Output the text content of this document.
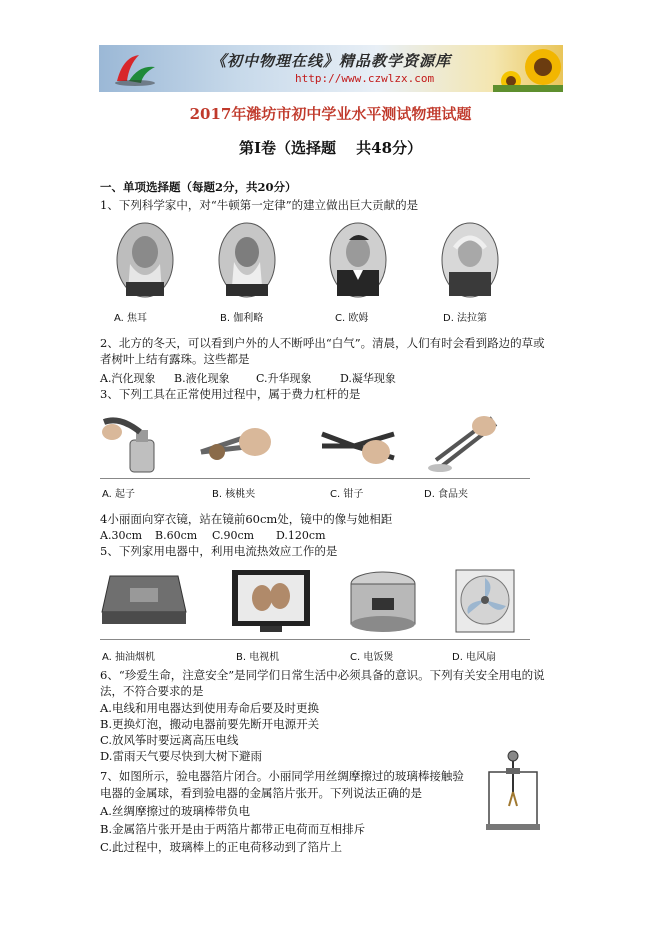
《初中物理在线》精品教学资源库
http://www.czwlzx.com
2017年潍坊市初中学业水平测试物理试题
第Ⅰ卷（选择题　 共48分）
一、单项选择题（每题2分，共20分）
1、下列科学家中，对“牛顿第一定律”的建立做出巨大贡献的是
A. 焦耳	B. 伽利略	C. 欧姆	D. 法拉第
2、北方的冬天，可以看到户外的人不断呼出“白气”。清晨，人们有时会看到路边的草或
者树叶上结有露珠。这些都是
A.汽化现象 B.液化现象 C.升华现象	D.凝华现象
3、下列工具在正常使用过程中，属于费力杠杆的是
A. 起子	B. 核桃夹	C. 钳子	D. 食品夹
4小丽面向穿衣镜，站在镜前60cm处，镜中的像与她相距
A.30cm B.60cm C.90cm D.120cm
5、下列家用电器中，利用电流热效应工作的是
A. 抽油烟机	B. 电视机	C. 电饭煲	D. 电风扇
6、“珍爱生命，注意安全”是同学们日常生活中必须具备的意识。下列有关安全用电的说
法，不符合要求的是
A.电线和用电器达到使用寿命后要及时更换
B.更换灯泡，搬动电器前要先断开电源开关
C.放风筝时要远离高压电线
D.雷雨天气要尽快到大树下避雨
7、如图所示，验电器箔片闭合。小丽同学用丝绸摩擦过的玻璃棒接触验
电器的金属球，看到验电器的金属箔片张开。下列说法正确的是
A.丝绸摩擦过的玻璃棒带负电
B.金属箔片张开是由于两箔片都带正电荷而互相排斥
C.此过程中，玻璃棒上的正电荷移动到了箔片上
